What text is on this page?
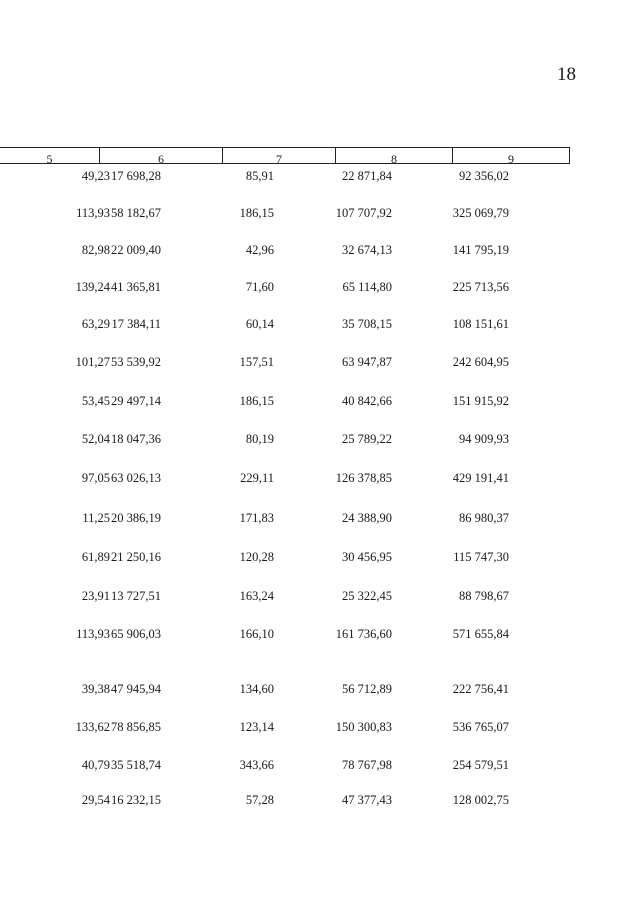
18
5	6	7	8	9
49,23 17 698,28	85,91	22 871,84	92 356,02
113,93 58 182,67	186,15	107 707,92	325 069,79
82,98 22 009,40	42,96	32 674,13	141 795,19
139,24 41 365,81	71,60	65 114,80	225 713,56
63,29 17 384,11	60,14	35 708,15	108 151,61
101,27 53 539,92	157,51	63 947,87	242 604,95
53,45 29 497,14	186,15	40 842,66	151 915,92
52,04 18 047,36	80,19	25 789,22	94 909,93
97,05 63 026,13	229,11	126 378,85	429 191,41
11,25 20 386,19	171,83	24 388,90	86 980,37
61,89 21 250,16	120,28	30 456,95	115 747,30
23,91 13 727,51	163,24	25 322,45	88 798,67
113,93 65 906,03	166,10	161 736,60	571 655,84
39,38 47 945,94	134,60	56 712,89	222 756,41
133,62 78 856,85	123,14	150 300,83	536 765,07
40,79 35 518,74	343,66	78 767,98	254 579,51
29,54 16 232,15	57,28	47 377,43	128 002,75
